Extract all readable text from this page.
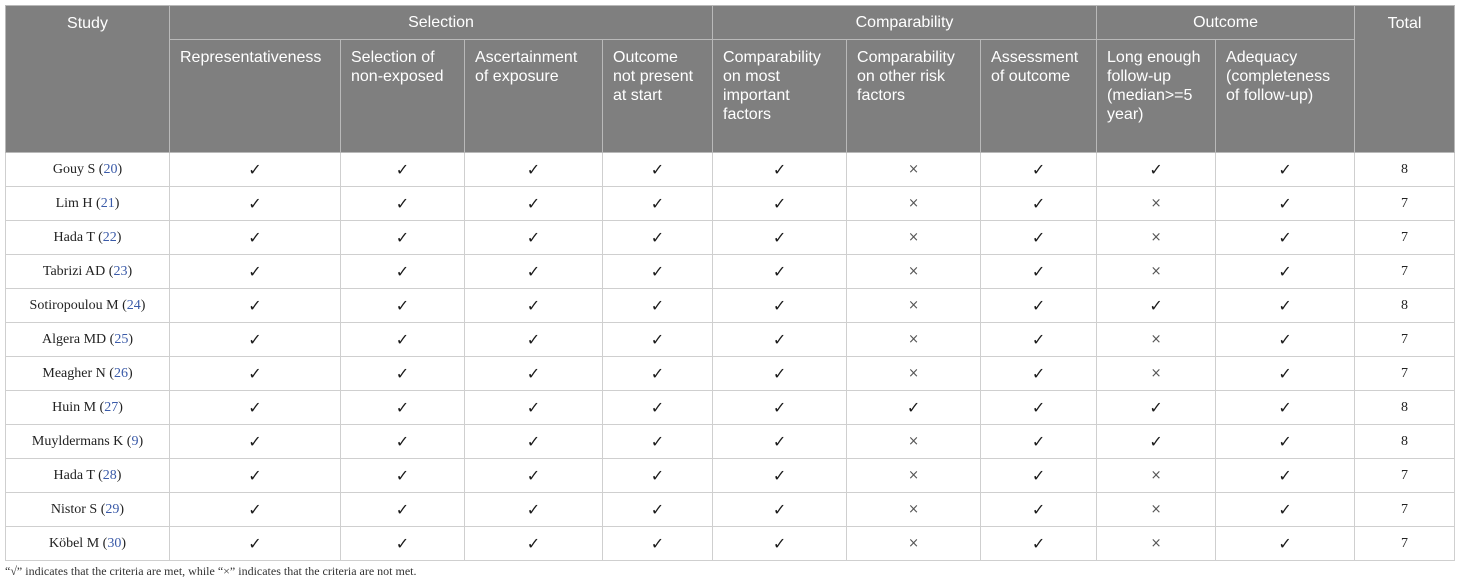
Study	Selection				Comparability			Outcome		Total
	Representativeness	Selection of non-exposed	Ascertainment of exposure	Outcome not present at start	Comparability on most important factors	Comparability on other risk factors	Assessment of outcome	Long enough follow-up (median>=5 year)	Adequacy (completeness of follow-up)	
Gouy S (20)	✓	✓	✓	✓	✓	×	✓	✓	✓	8
Lim H (21)	✓	✓	✓	✓	✓	×	✓	×	✓	7
Hada T (22)	✓	✓	✓	✓	✓	×	✓	×	✓	7
Tabrizi AD (23)	✓	✓	✓	✓	✓	×	✓	×	✓	7
Sotiropoulou M (24)	✓	✓	✓	✓	✓	×	✓	✓	✓	8
Algera MD (25)	✓	✓	✓	✓	✓	×	✓	×	✓	7
Meagher N (26)	✓	✓	✓	✓	✓	×	✓	×	✓	7
Huin M (27)	✓	✓	✓	✓	✓	✓	✓	✓	✓	8
Muyldermans K (9)	✓	✓	✓	✓	✓	×	✓	✓	✓	8
Hada T (28)	✓	✓	✓	✓	✓	×	✓	×	✓	7
Nistor S (29)	✓	✓	✓	✓	✓	×	✓	×	✓	7
Köbel M (30)	✓	✓	✓	✓	✓	×	✓	×	✓	7
“√” indicates that the criteria are met, while “×” indicates that the criteria are not met.
